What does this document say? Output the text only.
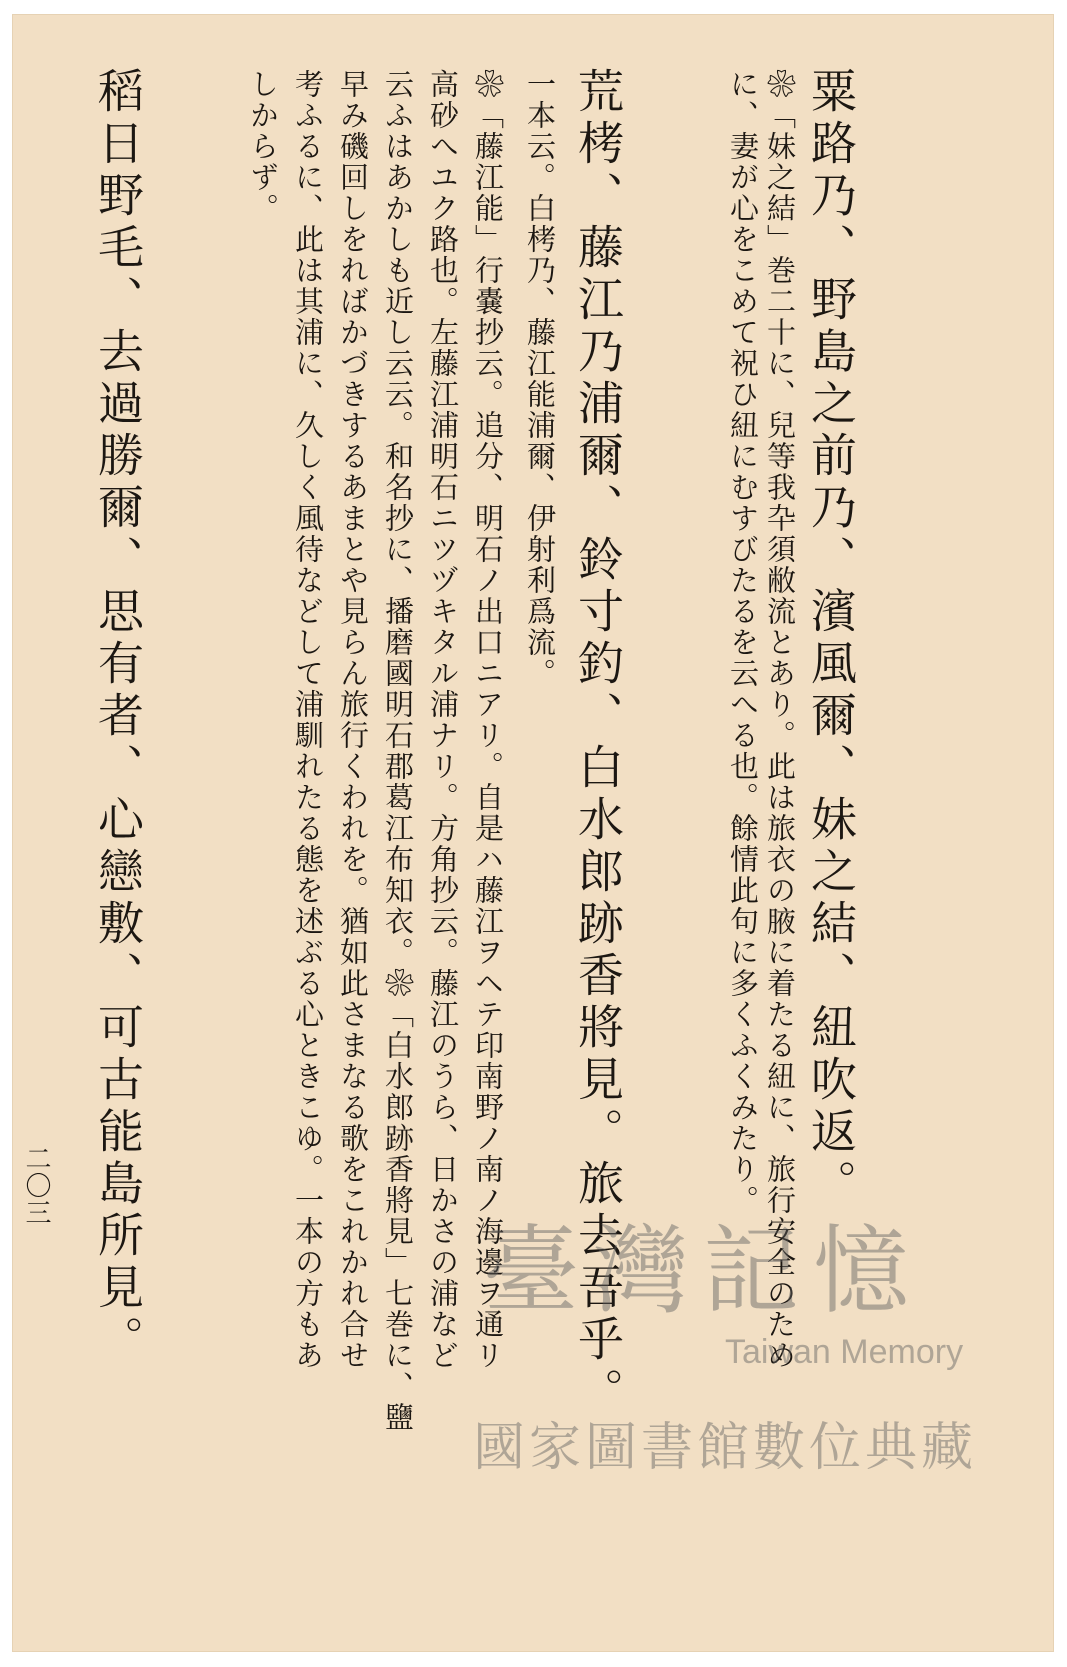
粟路乃、野島之前乃、濱風爾、妹之結、紐吹返。
❀「妹之結」巻二十に、兒等我卆須敝流とあり。此は旅衣の腋に着たる紐に、旅行安全のため
に、妻が心をこめて祝ひ紐にむすびたるを云へる也。餘情此句に多くふくみたり。
荒栲、藤江乃浦爾、鈴寸釣、白水郎跡香將見。旅去吾乎。
一本云。白栲乃、藤江能浦爾、伊射利爲流。
❀「藤江能」行嚢抄云。追分、明石ノ出口ニアリ。自是ハ藤江ヲヘテ印南野ノ南ノ海邊ヲ通リ
高砂へユク路也。左藤江浦明石ニツヅキタル浦ナリ。方角抄云。藤江のうら、日かさの浦など
云ふはあかしも近し云云。和名抄に、播磨國明石郡葛江布知衣。❀「白水郎跡香將見」七巻に、鹽
早み磯回しをればかづきするあまとや見らん旅行くわれを。猶如此さまなる歌をこれかれ合せ
考ふるに、此は其浦に、久しく風待などして浦馴れたる態を述ぶる心ときこゆ。一本の方もあ
しからず。
稻日野毛、去過勝爾、思有者、心戀敷、可古能島所見。
二〇三
臺灣記憶
Taiwan Memory
國家圖書館數位典藏
